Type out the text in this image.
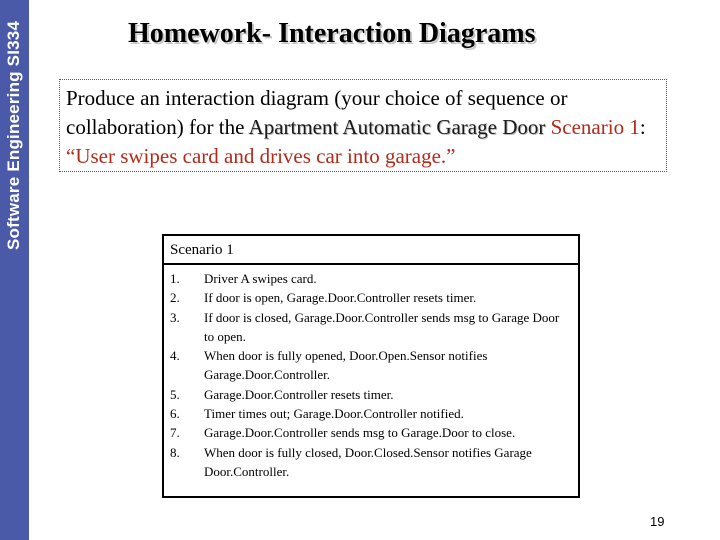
Software Engineering SI334	Homework- Interaction Diagrams
Produce an interaction diagram (your choice of sequence or collaboration) for the Apartment Automatic Garage Door Scenario 1: “User swipes card and drives car into garage.”
Scenario 1
1.	Driver A swipes card.
2.	If door is open, Garage.Door.Controller resets timer.
3.	If door is closed, Garage.Door.Controller sends msg to Garage Door to open.
4.	When door is fully opened, Door.Open.Sensor notifies Garage.Door.Controller.
5.	Garage.Door.Controller resets timer.
6.	Timer times out; Garage.Door.Controller notified.
7.	Garage.Door.Controller sends msg to Garage.Door to close.
8.	When door is fully closed, Door.Closed.Sensor notifies Garage Door.Controller.
19
